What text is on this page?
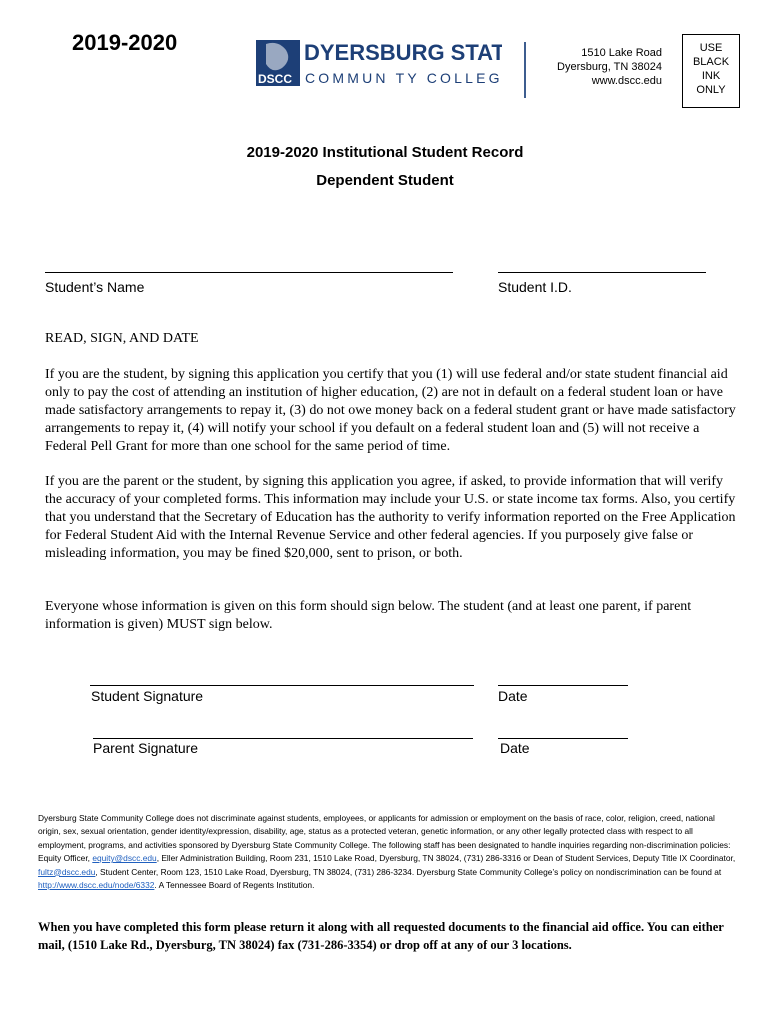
2019-2020
DSCC
DYERSBURG STATE
COMMUN TY COLLEGE
1510 Lake Road
Dyersburg, TN 38024
www.dscc.edu
USE
BLACK
INK
ONLY
2019-2020 Institutional Student Record
Dependent Student
Student’s Name	Student I.D.

READ, SIGN, AND DATE

If you are the student, by signing this application you certify that you (1) will use federal and/or state student financial aid only to pay the cost of attending an institution of higher education, (2) are not in default on a federal student loan or have made satisfactory arrangements to repay it, (3) do not owe money back on a federal student grant or have made satisfactory arrangements to repay it, (4) will notify your school if you default on a federal student loan and (5) will not receive a Federal Pell Grant for more than one school for the same period of time.

If you are the parent or the student, by signing this application you agree, if asked, to provide information that will verify the accuracy of your completed forms. This information may include your U.S. or state income tax forms. Also, you certify that you understand that the Secretary of Education has the authority to verify information reported on the Free Application for Federal Student Aid with the Internal Revenue Service and other federal agencies. If you purposely give false or misleading information, you may be fined $20,000, sent to prison, or both.

Everyone whose information is given on this form should sign below. The student (and at least one parent, if parent information is given) MUST sign below.

Student Signature	Date
Parent Signature	Date

Dyersburg State Community College does not discriminate against students, employees, or applicants for admission or employment on the basis of race, color, religion, creed, national origin, sex, sexual orientation, gender identity/expression, disability, age, status as a protected veteran, genetic information, or any other legally protected class with respect to all employment, programs, and activities sponsored by Dyersburg State Community College. The following staff has been designated to handle inquiries regarding non-discrimination policies: Equity Officer, equity@dscc.edu, Eller Administration Building, Room 231, 1510 Lake Road, Dyersburg, TN 38024, (731) 286-3316 or Dean of Student Services, Deputy Title IX Coordinator, fultz@dscc.edu, Student Center, Room 123, 1510 Lake Road, Dyersburg, TN 38024, (731) 286-3234. Dyersburg State Community College’s policy on nondiscrimination can be found at http://www.dscc.edu/node/6332. A Tennessee Board of Regents Institution.

When you have completed this form please return it along with all requested documents to the financial aid office. You can either mail, (1510 Lake Rd., Dyersburg, TN 38024) fax (731-286-3354) or drop off at any of our 3 locations.
